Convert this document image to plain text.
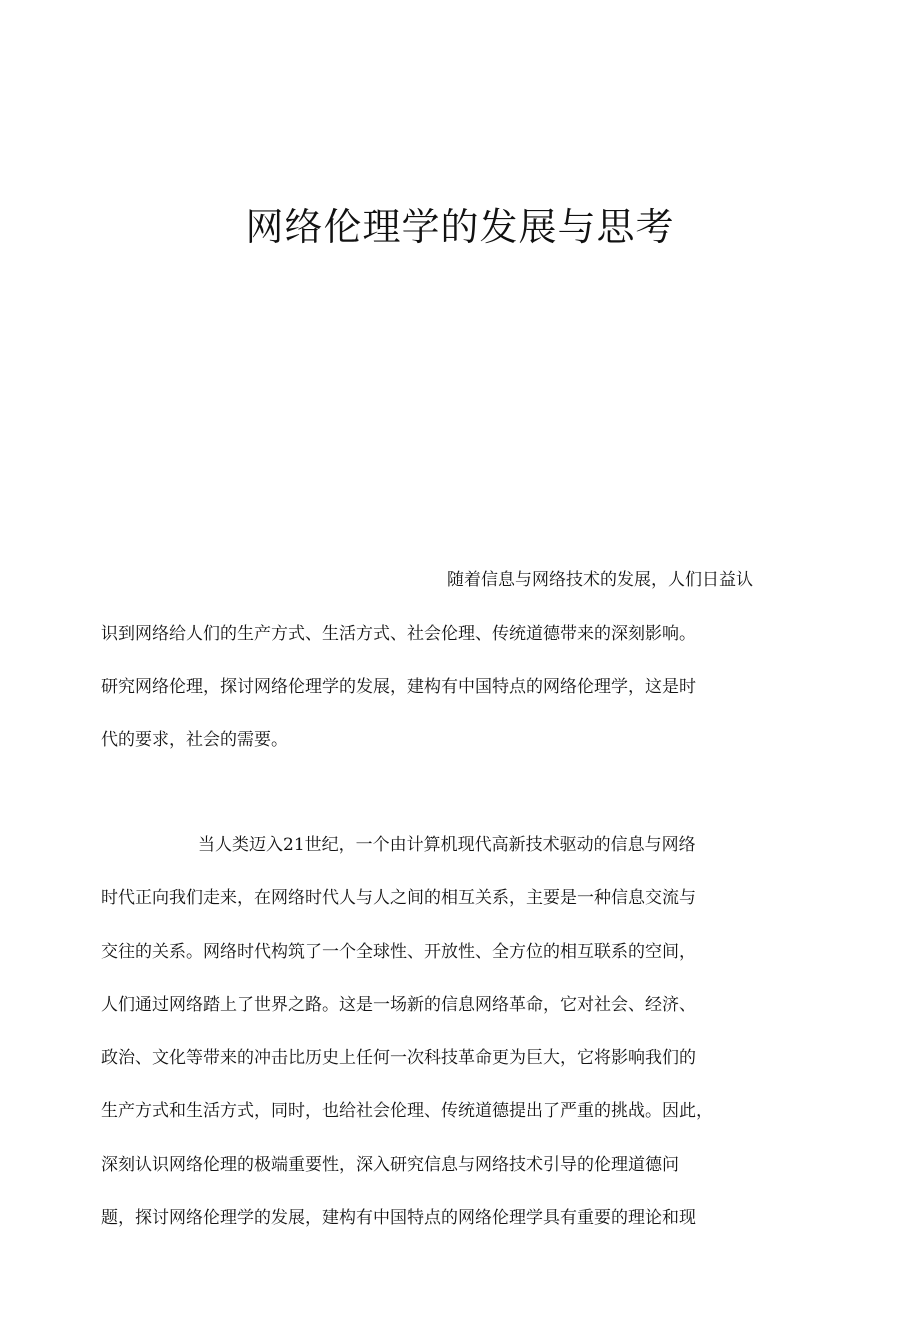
网络伦理学的发展与思考

随着信息与网络技术的发展，人们日益认

识到网络给人们的生产方式、生活方式、社会伦理、传统道德带来的深刻影响。

研究网络伦理，探讨网络伦理学的发展，建构有中国特点的网络伦理学，这是时

代的要求，社会的需要。

当人类迈入21世纪，一个由计算机现代高新技术驱动的信息与网络

时代正向我们走来，在网络时代人与人之间的相互关系，主要是一种信息交流与

交往的关系。网络时代构筑了一个全球性、开放性、全方位的相互联系的空间，

人们通过网络踏上了世界之路。这是一场新的信息网络革命，它对社会、经济、

政治、文化等带来的冲击比历史上任何一次科技革命更为巨大，它将影响我们的

生产方式和生活方式，同时，也给社会伦理、传统道德提出了严重的挑战。因此，

深刻认识网络伦理的极端重要性，深入研究信息与网络技术引导的伦理道德问

题，探讨网络伦理学的发展，建构有中国特点的网络伦理学具有重要的理论和现
